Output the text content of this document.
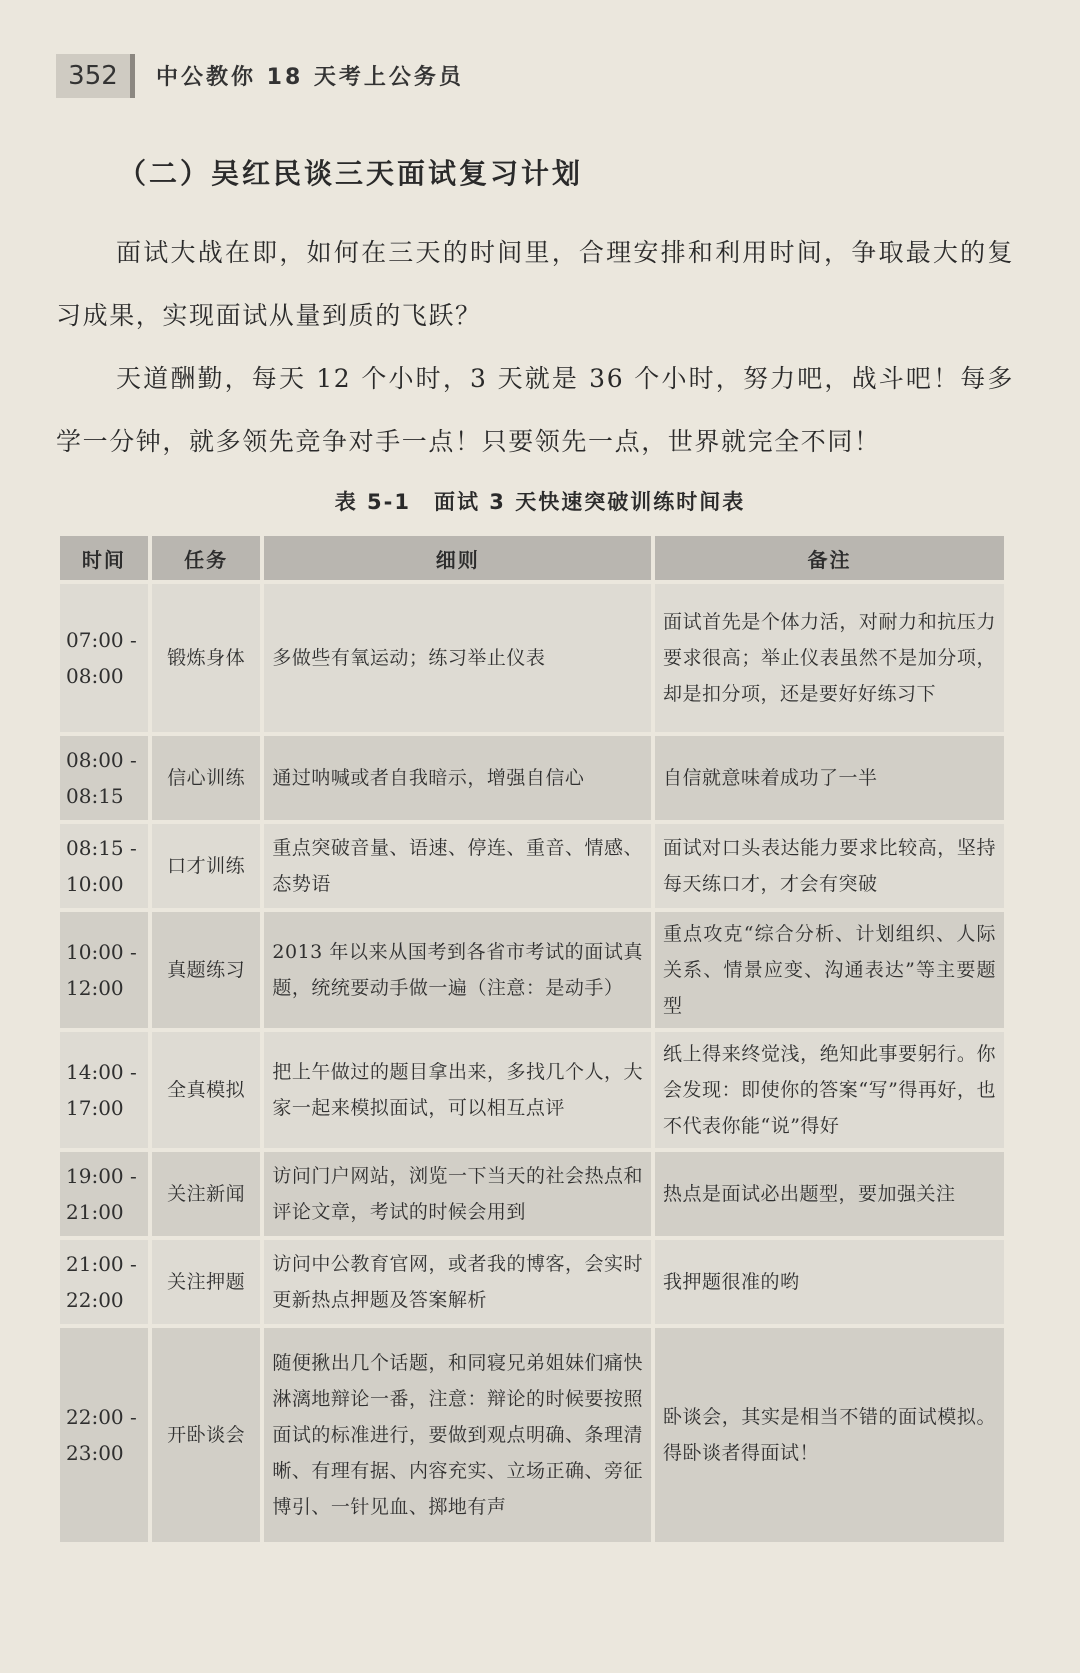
352 中公教你 18 天考上公务员
（二）吴红民谈三天面试复习计划

面试大战在即，如何在三天的时间里，合理安排和利用时间，争取最大的复习成果，实现面试从量到质的飞跃？

天道酬勤，每天 12 个小时，3 天就是 36 个小时，努力吧，战斗吧！每多学一分钟，就多领先竞争对手一点！只要领先一点，世界就完全不同！

表 5-1　面试 3 天快速突破训练时间表
时间	任务	细则	备注

07:00 -
08:00	锻炼身体	多做些有氧运动；练习举止仪表	面试首先是个体力活，对耐力和抗压力要求很高；举止仪表虽然不是加分项，却是扣分项，还是要好好练习下

08:00 -
08:15	信心训练	通过呐喊或者自我暗示，增强自信心	自信就意味着成功了一半

08:15 -
10:00	口才训练	重点突破音量、语速、停连、重音、情感、态势语	面试对口头表达能力要求比较高，坚持每天练口才，才会有突破

10:00 -
12:00	真题练习	2013 年以来从国考到各省市考试的面试真题，统统要动手做一遍（注意：是动手）	重点攻克“综合分析、计划组织、人际关系、情景应变、沟通表达”等主要题型

14:00 -
17:00	全真模拟	把上午做过的题目拿出来，多找几个人，大家一起来模拟面试，可以相互点评	纸上得来终觉浅，绝知此事要躬行。你会发现：即使你的答案“写”得再好，也不代表你能“说”得好

19:00 -
21:00	关注新闻	访问门户网站，浏览一下当天的社会热点和评论文章，考试的时候会用到	热点是面试必出题型，要加强关注

21:00 -
22:00	关注押题	访问中公教育官网，或者我的博客，会实时更新热点押题及答案解析	我押题很准的哟

22:00 -
23:00	开卧谈会	随便揪出几个话题，和同寝兄弟姐妹们痛快淋漓地辩论一番，注意：辩论的时候要按照面试的标准进行，要做到观点明确、条理清晰、有理有据、内容充实、立场正确、旁征博引、一针见血、掷地有声	卧谈会，其实是相当不错的面试模拟。得卧谈者得面试！
